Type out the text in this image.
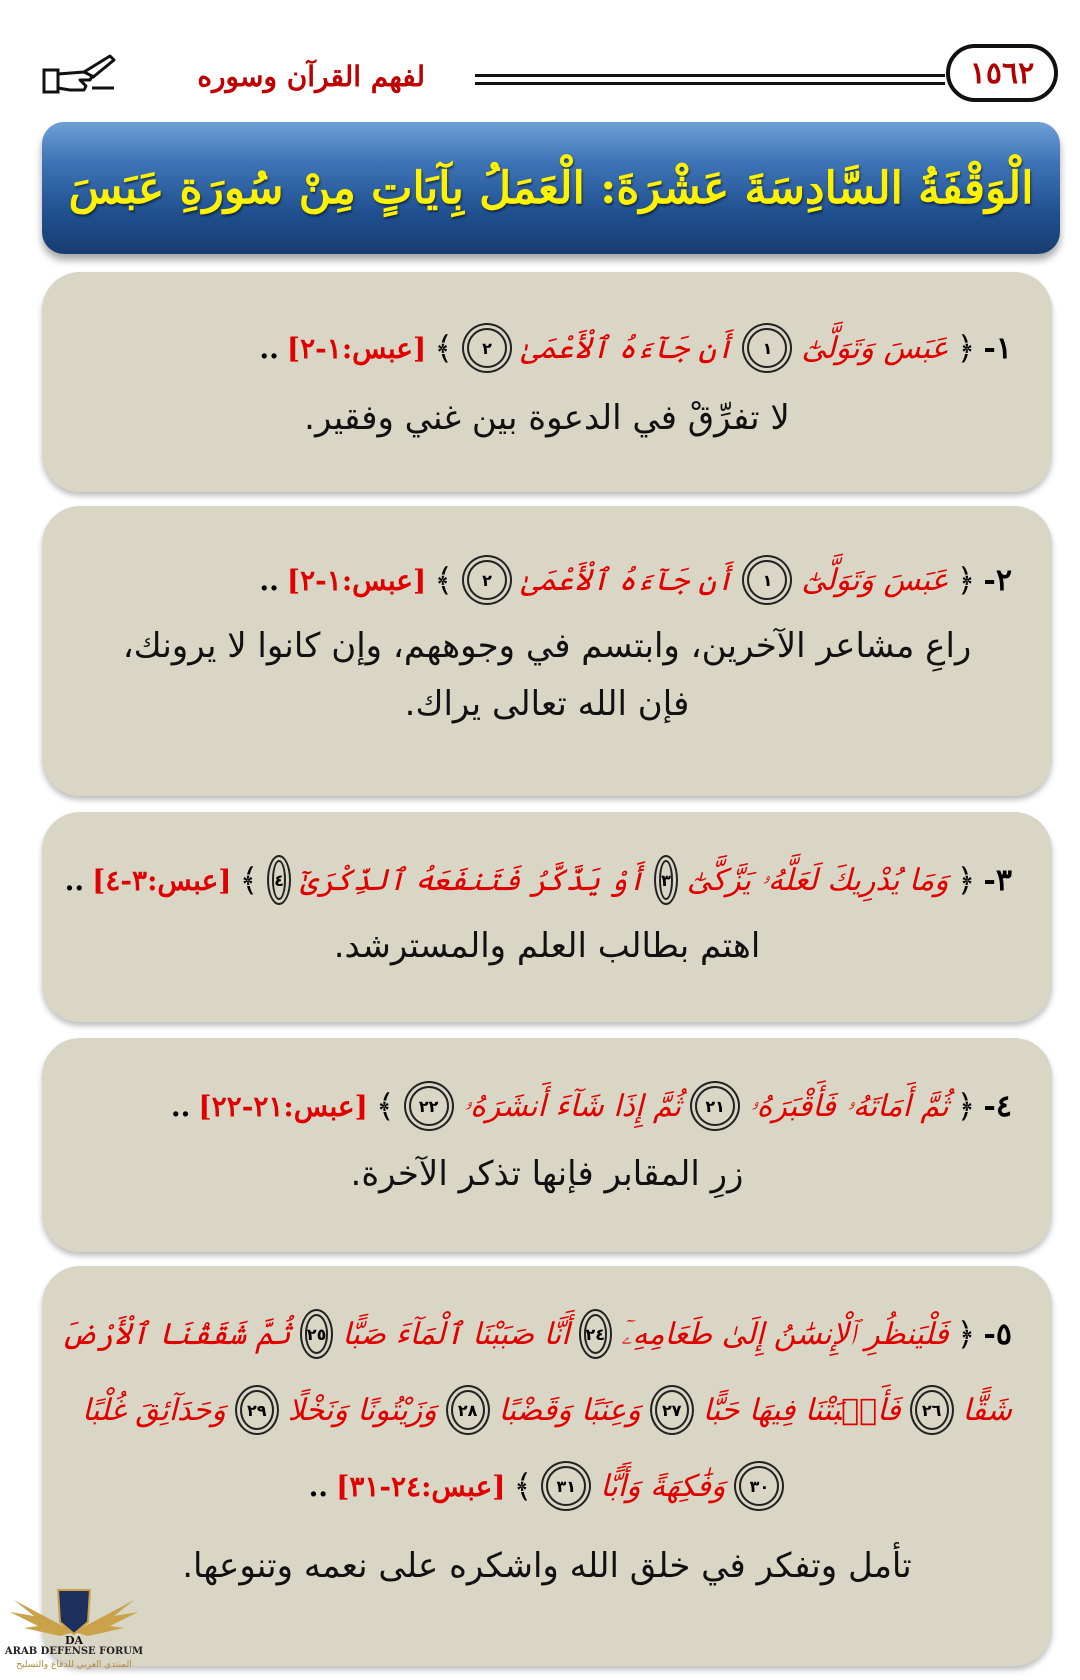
١٥٦٢
لفهم القرآن وسوره
الْوَقْفَةُ السَّادِسَةَ عَشْرَةَ: الْعَمَلُ بِآيَاتٍ مِنْ سُورَةِ عَبَسَ
١-
﴿
عَبَسَ وَتَوَلَّىٰٓ
١
أَن جَآءَهُ ٱلْأَعْمَىٰ
٢
﴾
[عبس:١-٢]
..
لا تفرِّقْ في الدعوة بين غني وفقير.
٢-
﴿
عَبَسَ وَتَوَلَّىٰٓ
١
أَن جَآءَهُ ٱلْأَعْمَىٰ
٢
﴾
[عبس:١-٢]
..
راعِ مشاعر الآخرين، وابتسم في وجوههم، وإن كانوا لا يرونك،
فإن الله تعالى يراك.
٣-
﴿
وَمَا يُدْرِيكَ لَعَلَّهُۥ يَزَّكَّىٰٓ
٣
أَوْ يَذَّكَّرُ فَتَنفَعَهُ ٱلذِّكْرَىٰٓ
٤
﴾
[عبس:٣-٤]
..
اهتم بطالب العلم والمسترشد.
٤-
﴿
ثُمَّ أَمَاتَهُۥ فَأَقْبَرَهُۥ
٢١
ثُمَّ إِذَا شَآءَ أَنشَرَهُۥ
٢٢
﴾
[عبس:٢١-٢٢]
..
زرِ المقابر فإنها تذكر الآخرة.
٥-
﴿
فَلْيَنظُرِ ٱلْإِنسَٰنُ إِلَىٰ طَعَامِهِۦٓ
٢٤
أَنَّا صَبَبْنَا ٱلْمَآءَ صَبًّا
٢٥
ثُمَّ شَقَقْنَا ٱلْأَرْضَ
شَقًّا
٢٦
فَأَنۢبَتْنَا فِيهَا حَبًّا
٢٧
وَعِنَبًا وَقَضْبًا
٢٨
وَزَيْتُونًا وَنَخْلًا
٢٩
وَحَدَآئِقَ غُلْبًا
٣٠
وَفَٰكِهَةً وَأَبًّا
٣١
﴾
[عبس:٢٤-٣١]
..
تأمل وتفكر في خلق الله واشكره على نعمه وتنوعها.
DA
ARAB DEFENSE FORUM
المنتدى العربي للدفاع والتسليح
